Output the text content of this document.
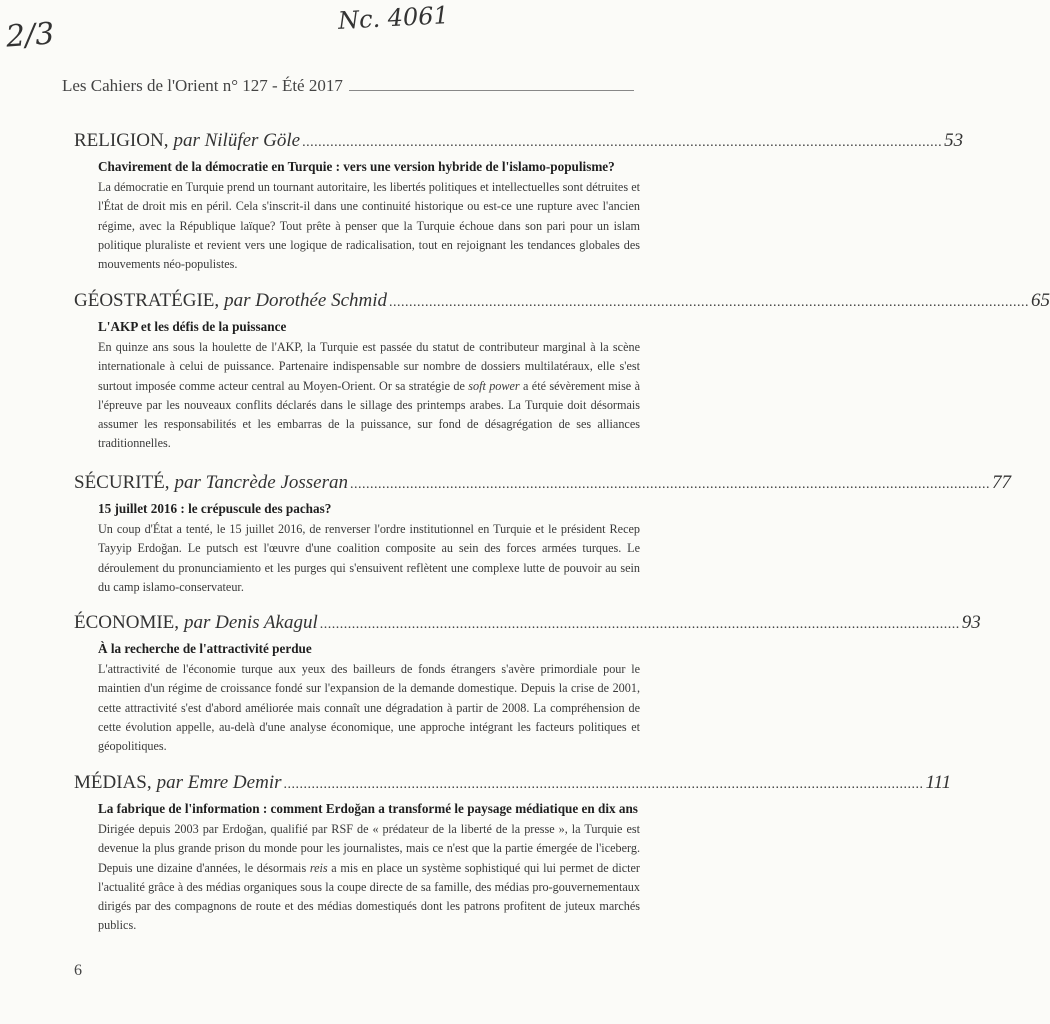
2/3	Nc. 4061
Les Cahiers de l'Orient n° 127 - Été 2017
RELIGION, par Nilüfer Göle ................................................................................................................................................................ 53
Chavirement de la démocratie en Turquie : vers une version hybride de l'islamo-populisme?
La démocratie en Turquie prend un tournant autoritaire, les libertés politiques et intellectuelles sont détruites et l'État de droit mis en péril. Cela s'inscrit-il dans une continuité historique ou est-ce une rupture avec l'ancien régime, avec la République laïque? Tout prête à penser que la Turquie échoue dans son pari pour un islam politique pluraliste et revient vers une logique de radicalisation, tout en rejoignant les tendances globales des mouvements néo-populistes.
GÉOSTRATÉGIE, par Dorothée Schmid ................................................................................................................................................................ 65
L'AKP et les défis de la puissance
En quinze ans sous la houlette de l'AKP, la Turquie est passée du statut de contributeur marginal à la scène internationale à celui de puissance. Partenaire indispensable sur nombre de dossiers multilatéraux, elle s'est surtout imposée comme acteur central au Moyen-Orient. Or sa stratégie de soft power a été sévèrement mise à l'épreuve par les nouveaux conflits déclarés dans le sillage des printemps arabes. La Turquie doit désormais assumer les responsabilités et les embarras de la puissance, sur fond de désagrégation de ses alliances traditionnelles.
SÉCURITÉ, par Tancrède Josseran ................................................................................................................................................................ 77
15 juillet 2016 : le crépuscule des pachas?
Un coup d'État a tenté, le 15 juillet 2016, de renverser l'ordre institutionnel en Turquie et le président Recep Tayyip Erdoğan. Le putsch est l'œuvre d'une coalition composite au sein des forces armées turques. Le déroulement du pronunciamiento et les purges qui s'ensuivent reflètent une complexe lutte de pouvoir au sein du camp islamo-conservateur.
ÉCONOMIE, par Denis Akagul ................................................................................................................................................................ 93
À la recherche de l'attractivité perdue
L'attractivité de l'économie turque aux yeux des bailleurs de fonds étrangers s'avère primordiale pour le maintien d'un régime de croissance fondé sur l'expansion de la demande domestique. Depuis la crise de 2001, cette attractivité s'est d'abord améliorée mais connaît une dégradation à partir de 2008. La compréhension de cette évolution appelle, au-delà d'une analyse économique, une approche intégrant les facteurs politiques et géopolitiques.
MÉDIAS, par Emre Demir ................................................................................................................................................................ 111
La fabrique de l'information : comment Erdoğan a transformé le paysage médiatique en dix ans
Dirigée depuis 2003 par Erdoğan, qualifié par RSF de « prédateur de la liberté de la presse », la Turquie est devenue la plus grande prison du monde pour les journalistes, mais ce n'est que la partie émergée de l'iceberg. Depuis une dizaine d'années, le désormais reis a mis en place un système sophistiqué qui lui permet de dicter l'actualité grâce à des médias organiques sous la coupe directe de sa famille, des médias pro-gouvernementaux dirigés par des compagnons de route et des médias domestiqués dont les patrons profitent de juteux marchés publics.
6
